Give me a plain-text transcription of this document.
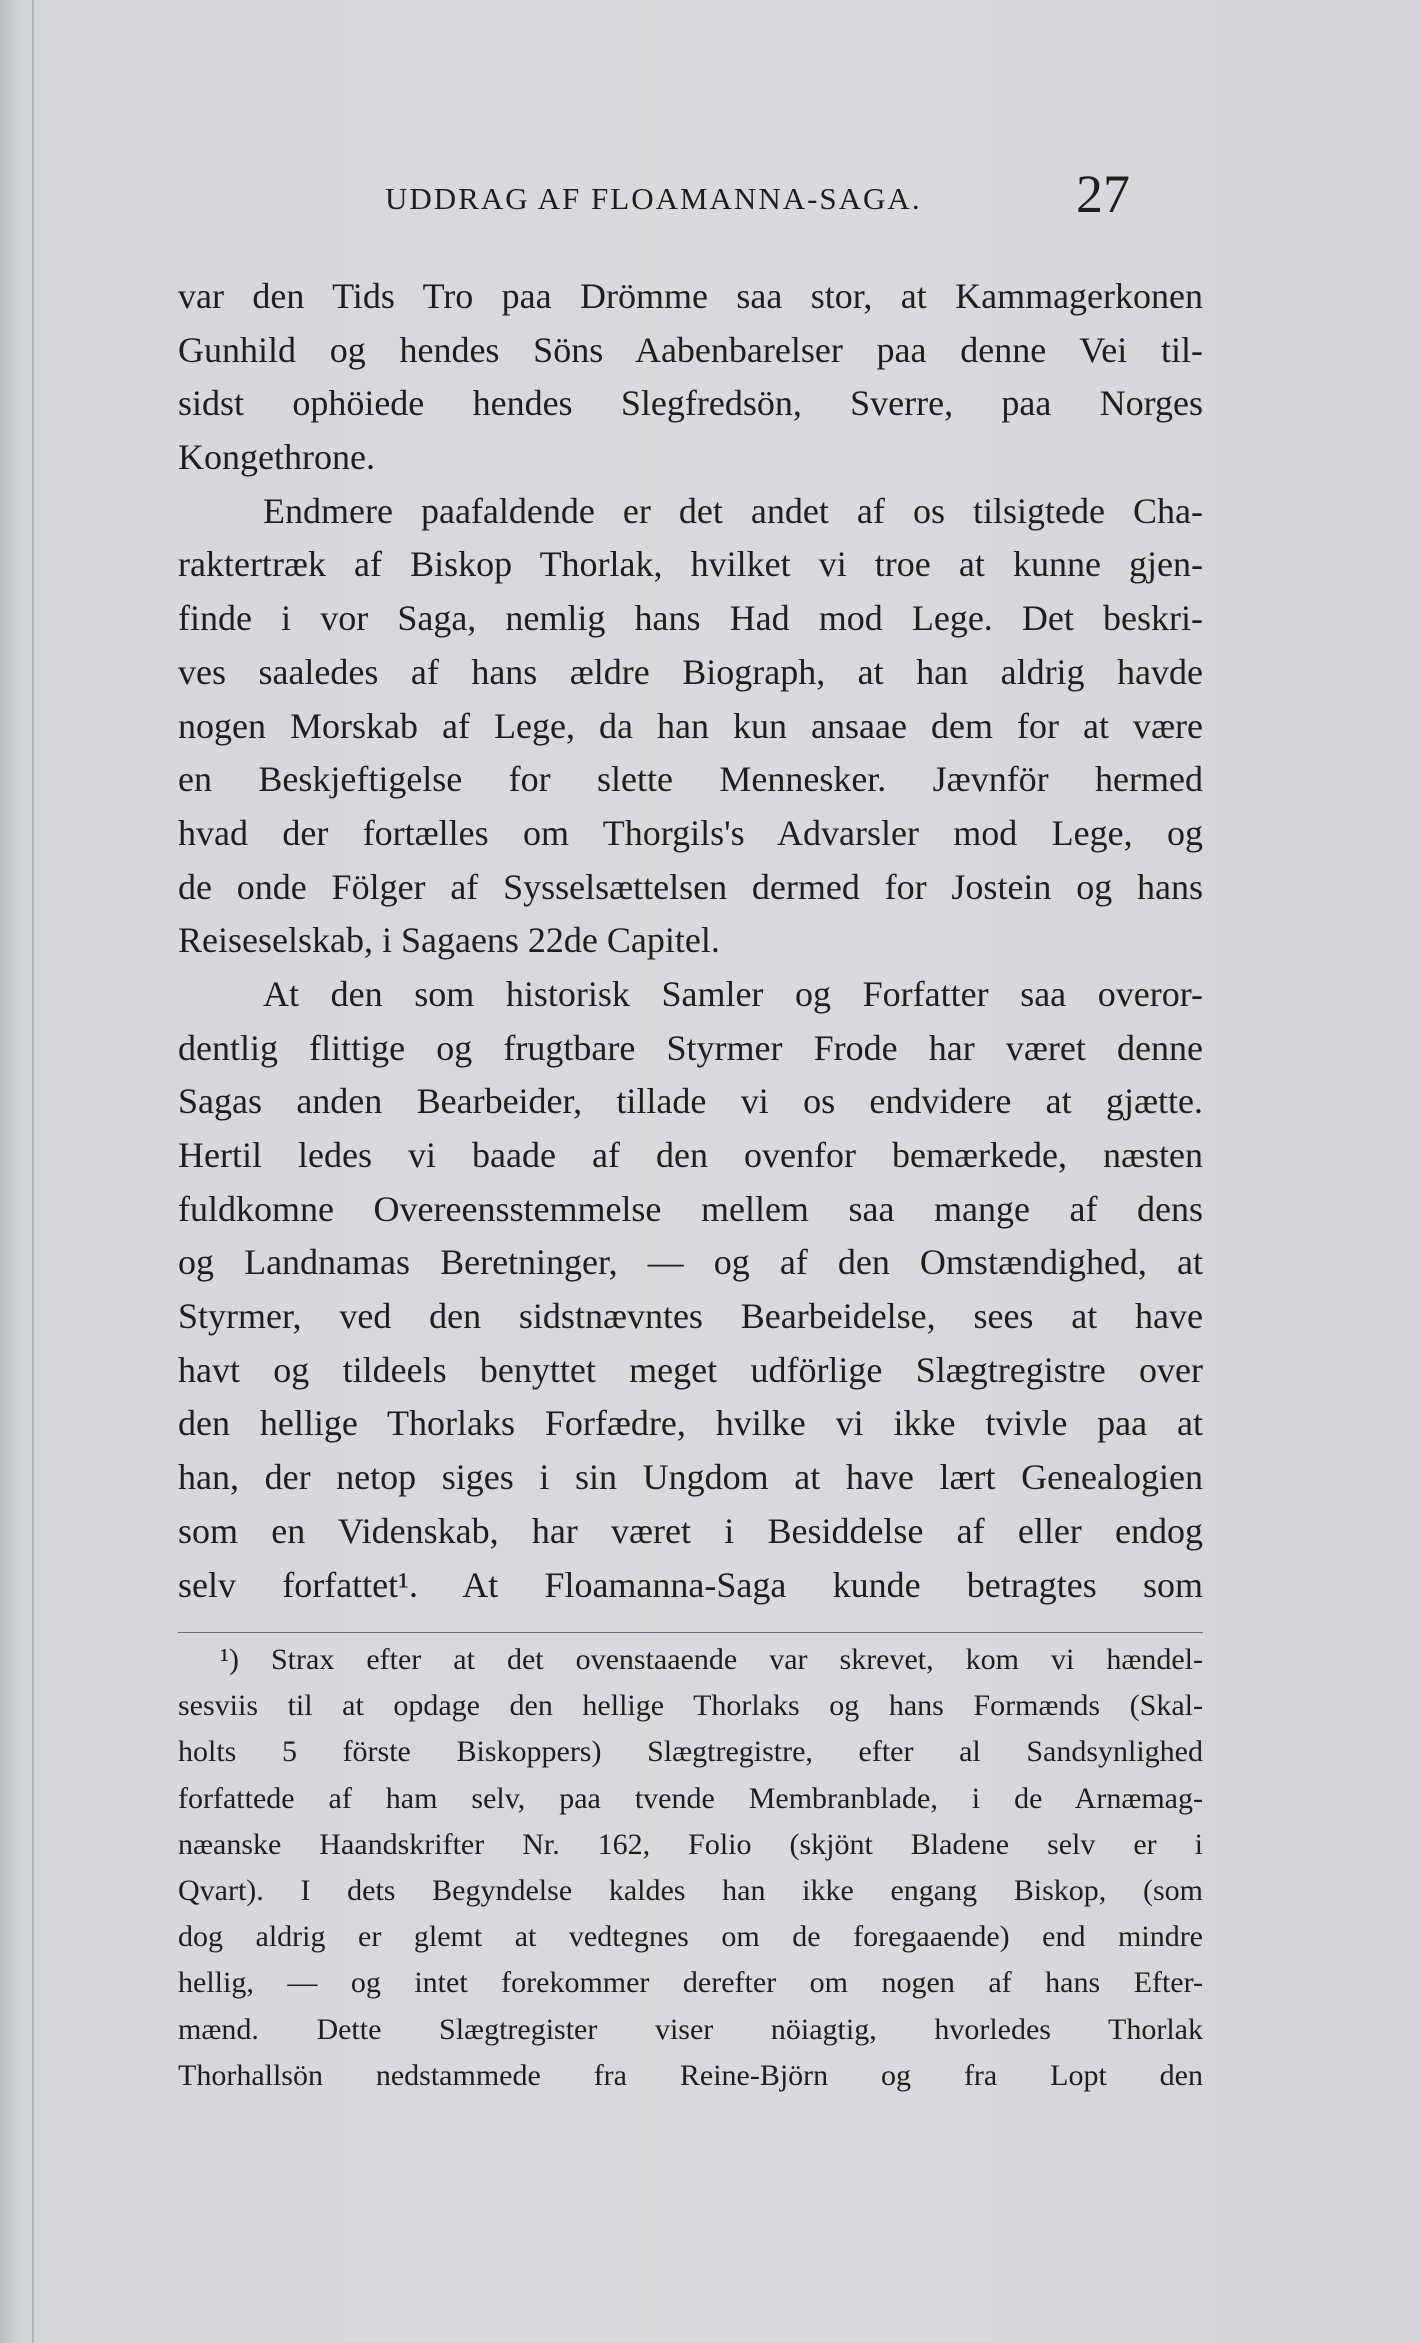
UDDRAG AF FLOAMANNA-SAGA.	27
var den Tids Tro paa Drömme saa stor, at Kammagerkonen
Gunhild og hendes Söns Aabenbarelser paa denne Vei til-
sidst ophöiede hendes Slegfredsön, Sverre, paa Norges
Kongethrone.
Endmere paafaldende er det andet af os tilsigtede Cha-
raktertræk af Biskop Thorlak, hvilket vi troe at kunne gjen-
finde i vor Saga, nemlig hans Had mod Lege. Det beskri-
ves saaledes af hans ældre Biograph, at han aldrig havde
nogen Morskab af Lege, da han kun ansaae dem for at være
en Beskjeftigelse for slette Mennesker. Jævnför hermed
hvad der fortælles om Thorgils's Advarsler mod Lege, og
de onde Fölger af Sysselsættelsen dermed for Jostein og hans
Reiseselskab, i Sagaens 22de Capitel.
At den som historisk Samler og Forfatter saa overor-
dentlig flittige og frugtbare Styrmer Frode har været denne
Sagas anden Bearbeider, tillade vi os endvidere at gjætte.
Hertil ledes vi baade af den ovenfor bemærkede, næsten
fuldkomne Overeensstemmelse mellem saa mange af dens
og Landnamas Beretninger, — og af den Omstændighed, at
Styrmer, ved den sidstnævntes Bearbeidelse, sees at have
havt og tildeels benyttet meget udförlige Slægtregistre over
den hellige Thorlaks Forfædre, hvilke vi ikke tvivle paa at
han, der netop siges i sin Ungdom at have lært Genealogien
som en Videnskab, har været i Besiddelse af eller endog
selv forfattet¹. At Floamanna-Saga kunde betragtes som
¹) Strax efter at det ovenstaaende var skrevet, kom vi hændel-
sesviis til at opdage den hellige Thorlaks og hans Formænds (Skal-
holts 5 förste Biskoppers) Slægtregistre, efter al Sandsynlighed
forfattede af ham selv, paa tvende Membranblade, i de Arnæmag-
næanske Haandskrifter Nr. 162, Folio (skjönt Bladene selv er i
Qvart). I dets Begyndelse kaldes han ikke engang Biskop, (som
dog aldrig er glemt at vedtegnes om de foregaaende) end mindre
hellig, — og intet forekommer derefter om nogen af hans Efter-
mænd. Dette Slægtregister viser nöiagtig, hvorledes Thorlak
Thorhallsön nedstammede fra Reine-Björn og fra Lopt den
